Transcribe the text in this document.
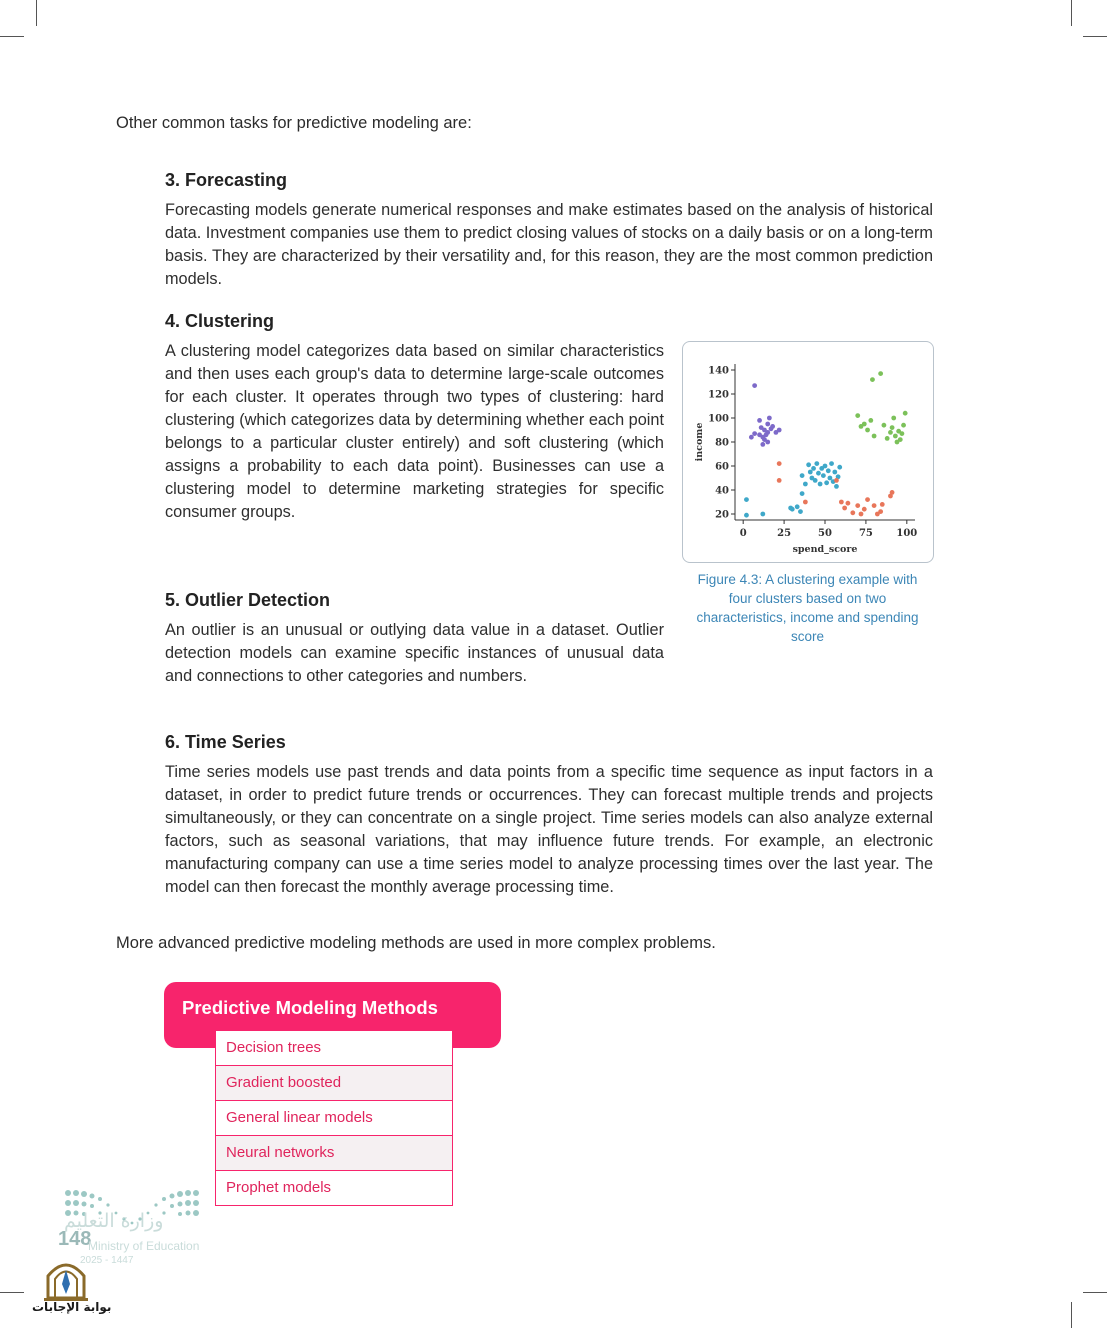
Other common tasks for predictive modeling are:
3. Forecasting

Forecasting models generate numerical responses and make estimates based on the analysis of historical data. Investment companies use them to predict closing values of stocks on a daily basis or on a long-term basis. They are characterized by their versatility and, for this reason, they are the most common prediction models.

4. Clustering

A clustering model categorizes data based on similar characteristics and then uses each group's data to determine large-scale outcomes for each cluster. It operates through two types of clustering: hard clustering (which categorizes data by determining whether each point belongs to a particular cluster entirely) and soft clustering (which assigns a probability to each data point). Businesses can use a clustering model to determine marketing strategies for specific consumer groups.	20
40
60
80
100
120
140
0	25	50	75 100
spend_score
income
Figure 4.3: A clustering example with four clusters based on two characteristics, income and spending score
5. Outlier Detection

An outlier is an unusual or outlying data value in a dataset. Outlier detection models can examine specific instances of unusual data and connections to other categories and numbers.

6. Time Series

Time series models use past trends and data points from a specific time sequence as input factors in a dataset, in order to predict future trends or occurrences. They can forecast multiple trends and projects simultaneously, or they can concentrate on a single project. Time series models can also analyze external factors, such as seasonal variations, that may influence future trends. For example, an electronic manufacturing company can use a time series model to analyze processing times over the last year. The model can then forecast the monthly average processing time.

More advanced predictive modeling methods are used in more complex problems.
Predictive Modeling Methods
Decision trees
Gradient boosted
General linear models
Neural networks
Prophet models
وزارة التعليم
148
Ministry of Education
2025 - 1447
بوابة الإجابات
